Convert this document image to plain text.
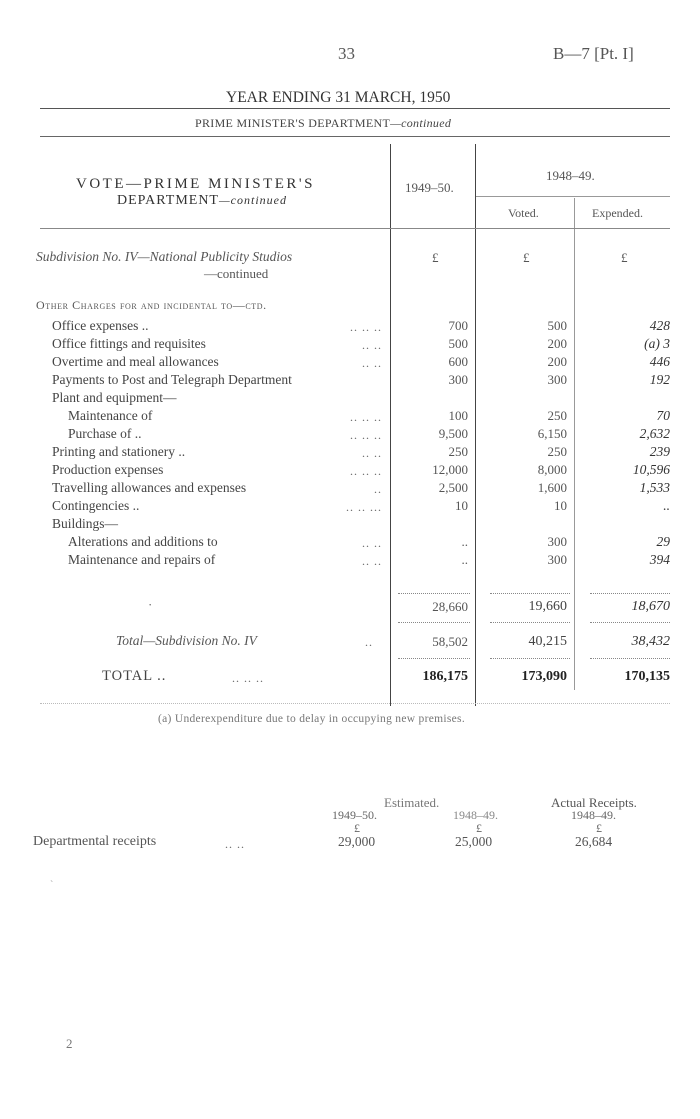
33	B—7 [Pt. I]
YEAR ENDING 31 MARCH, 1950
PRIME MINISTER'S DEPARTMENT—continued
VOTE—PRIME MINISTER'S
DEPARTMENT—continued
1949–50.
1948–49.
Voted.	Expended.
Subdivision No. IV—National Publicity Studios
—continued
£	£	£
Other Charges for and incidental to—ctd.
Office expenses ..	.. .. ..	700	500	428
Office fittings and requisites	.. ..	500	200	(a) 3
Overtime and meal allowances	.. ..	600	200	446
Payments to Post and Telegraph Department	300	300	192
Plant and equipment—
Maintenance of	.. .. ..	100	250	70
Purchase of ..	.. .. ..	9,500	6,150	2,632
Printing and stationery ..	.. ..	250	250	239
Production expenses	.. .. ..	12,000	8,000	10,596
Travelling allowances and expenses	..	2,500	1,600	1,533
Contingencies ..	.. .. ...	10	10	..
Buildings—
Alterations and additions to	.. ..	..	300	29
Maintenance and repairs of	.. ..	..	300	394
·	28,660	19,660	18,670
Total—Subdivision No. IV	..	58,502	40,215	38,432
TOTAL ..	.. .. ..	186,175	173,090	170,135
(a) Underexpenditure due to delay in occupying new premises.
Estimated.	Actual Receipts.
1949–50.	1948–49.	1948–49.
£	£	£
Departmental receipts	.. ..	29,000	25,000	26,684
`
2
